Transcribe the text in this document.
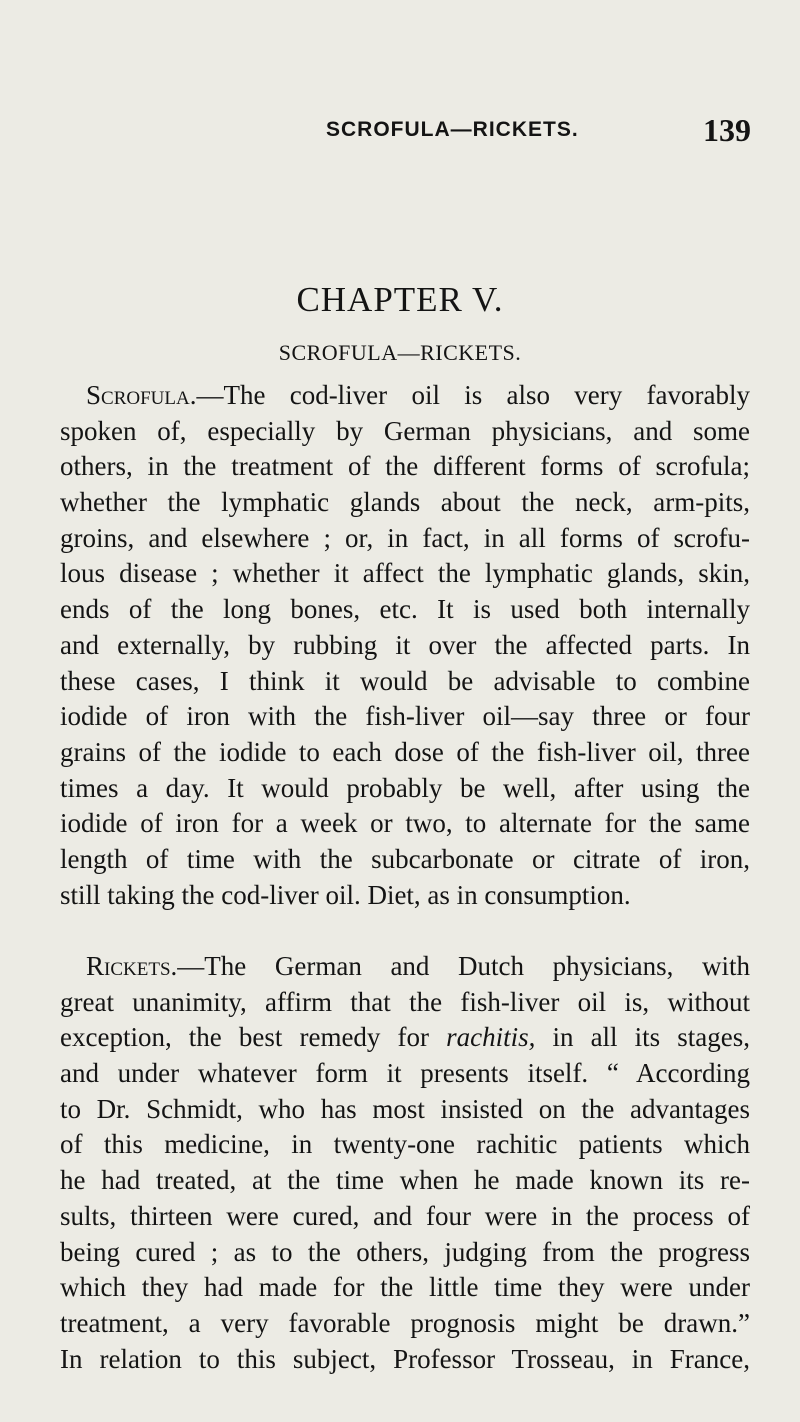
SCROFULA—RICKETS.	139
CHAPTER V.
SCROFULA—RICKETS.
Scrofula.—The cod-liver oil is also very favorably
spoken of, especially by German physicians, and some
others, in the treatment of the different forms of scrofula;
whether the lymphatic glands about the neck, arm-pits,
groins, and elsewhere ; or, in fact, in all forms of scrofu-
lous disease ; whether it affect the lymphatic glands, skin,
ends of the long bones, etc. It is used both internally
and externally, by rubbing it over the affected parts. In
these cases, I think it would be advisable to combine
iodide of iron with the fish-liver oil—say three or four
grains of the iodide to each dose of the fish-liver oil, three
times a day. It would probably be well, after using the
iodide of iron for a week or two, to alternate for the same
length of time with the subcarbonate or citrate of iron,
still taking the cod-liver oil. Diet, as in consumption.
Rickets.—The German and Dutch physicians, with
great unanimity, affirm that the fish-liver oil is, without
exception, the best remedy for rachitis, in all its stages,
and under whatever form it presents itself. “ According
to Dr. Schmidt, who has most insisted on the advantages
of this medicine, in twenty-one rachitic patients which
he had treated, at the time when he made known its re-
sults, thirteen were cured, and four were in the process of
being cured ; as to the others, judging from the progress
which they had made for the little time they were under
treatment, a very favorable prognosis might be drawn.”
In relation to this subject, Professor Trosseau, in France,
